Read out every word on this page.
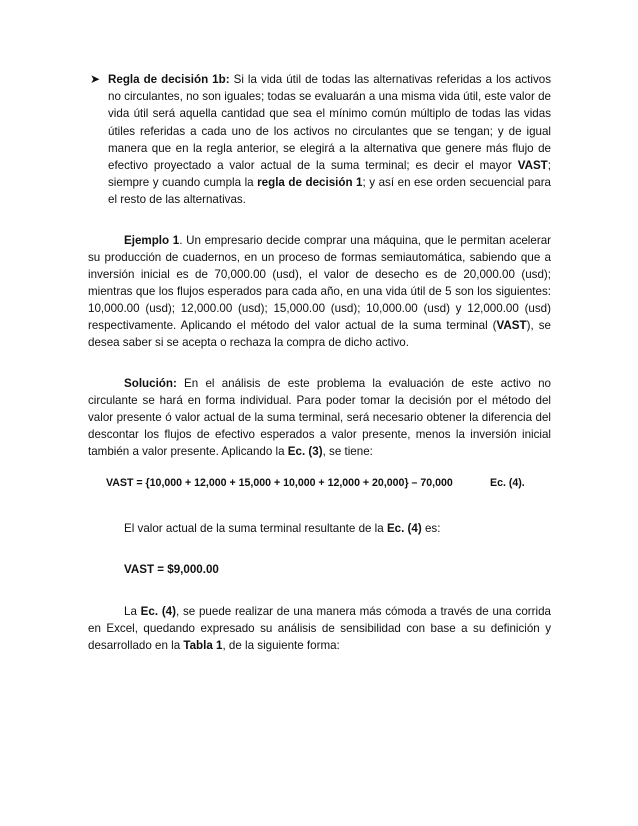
➤ Regla de decisión 1b: Si la vida útil de todas las alternativas referidas a los activos no circulantes, no son iguales; todas se evaluarán a una misma vida útil, este valor de vida útil será aquella cantidad que sea el mínimo común múltiplo de todas las vidas útiles referidas a cada uno de los activos no circulantes que se tengan; y de igual manera que en la regla anterior, se elegirá a la alternativa que genere más flujo de efectivo proyectado a valor actual de la suma terminal; es decir el mayor VAST; siempre y cuando cumpla la regla de decisión 1; y así en ese orden secuencial para el resto de las alternativas.
Ejemplo 1. Un empresario decide comprar una máquina, que le permitan acelerar su producción de cuadernos, en un proceso de formas semiautomática, sabiendo que a inversión inicial es de 70,000.00 (usd), el valor de desecho es de 20,000.00 (usd); mientras que los flujos esperados para cada año, en una vida útil de 5 son los siguientes: 10,000.00 (usd); 12,000.00 (usd); 15,000.00 (usd); 10,000.00 (usd) y 12,000.00 (usd) respectivamente. Aplicando el método del valor actual de la suma terminal (VAST), se desea saber si se acepta o rechaza la compra de dicho activo.
Solución: En el análisis de este problema la evaluación de este activo no circulante se hará en forma individual. Para poder tomar la decisión por el método del valor presente ó valor actual de la suma terminal, será necesario obtener la diferencia del descontar los flujos de efectivo esperados a valor presente, menos la inversión inicial también a valor presente. Aplicando la Ec. (3), se tiene:
VAST = {10,000 + 12,000 + 15,000 + 10,000 + 12,000 + 20,000} – 70,000	Ec. (4).
El valor actual de la suma terminal resultante de la Ec. (4) es:
VAST = $9,000.00
La Ec. (4), se puede realizar de una manera más cómoda a través de una corrida en Excel, quedando expresado su análisis de sensibilidad con base a su definición y desarrollado en la Tabla 1, de la siguiente forma:
